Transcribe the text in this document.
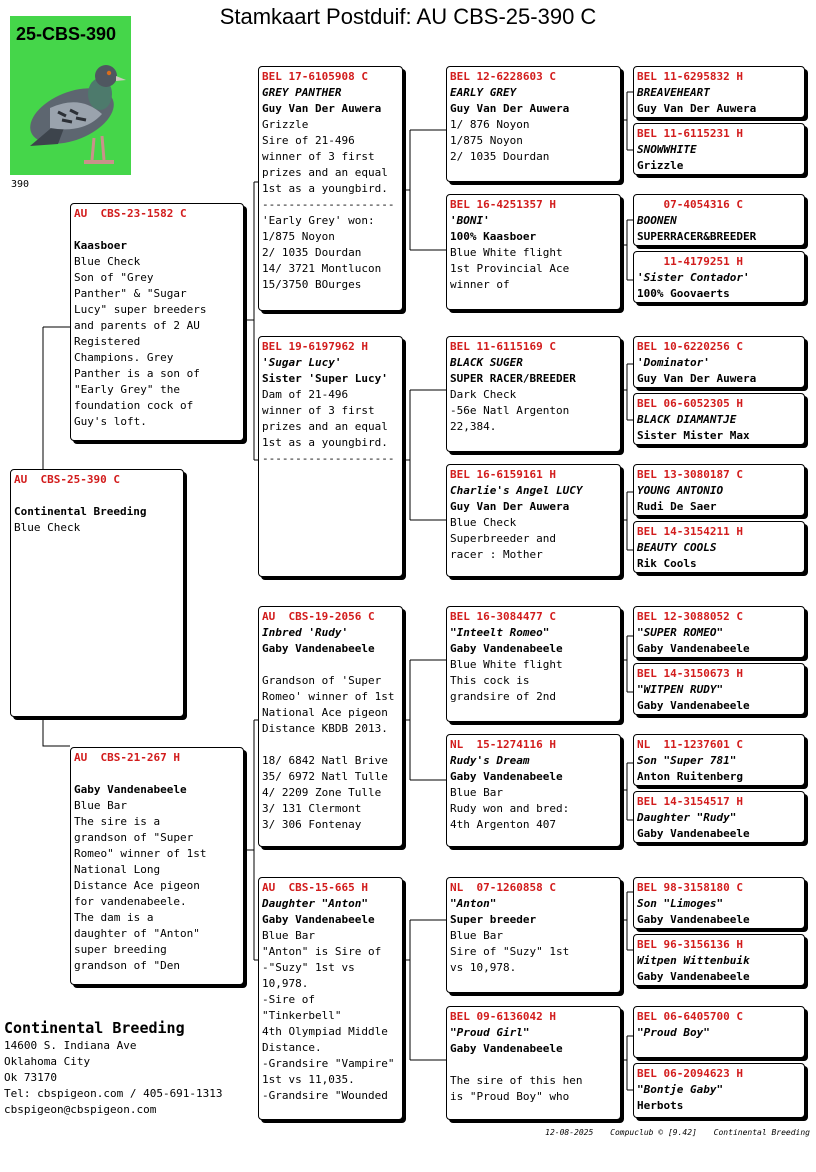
Stamkaart Postduif: AU CBS-25-390 C
25-CBS-390
390
AU  CBS-25-390 C

Continental Breeding
Blue Check
AU  CBS-23-1582 C

Kaasboer
Blue Check
Son of "Grey
Panther" & "Sugar
Lucy" super breeders
and parents of 2 AU
Registered
Champions. Grey
Panther is a son of
"Early Grey" the
foundation cock of
Guy's loft.
AU  CBS-21-267 H

Gaby Vandenabeele
Blue Bar
The sire is a
grandson of "Super
Romeo" winner of 1st
National Long
Distance Ace pigeon
for vandenabeele.
The dam is a
daughter of "Anton"
super breeding
grandson of "Den
BEL 17-6105908 C
GREY PANTHER
Guy Van Der Auwera
Grizzle
Sire of 21-496
winner of 3 first
prizes and an equal
1st as a youngbird.
--------------------
'Early Grey' won:
1/875 Noyon
2/ 1035 Dourdan
14/ 3721 Montlucon
15/3750 BOurges
BEL 19-6197962 H
'Sugar Lucy'
Sister 'Super Lucy'
Dam of 21-496
winner of 3 first
prizes and an equal
1st as a youngbird.
--------------------
AU  CBS-19-2056 C
Inbred 'Rudy'
Gaby Vandenabeele

Grandson of 'Super
Romeo' winner of 1st
National Ace pigeon
Distance KBDB 2013.

18/ 6842 Natl Brive
35/ 6972 Natl Tulle
4/ 2209 Zone Tulle
3/ 131 Clermont
3/ 306 Fontenay
AU  CBS-15-665 H
Daughter "Anton"
Gaby Vandenabeele
Blue Bar
"Anton" is Sire of
-"Suzy" 1st vs
10,978.
-Sire of
"Tinkerbell"
4th Olympiad Middle
Distance.
-Grandsire "Vampire"
1st vs 11,035.
-Grandsire "Wounded
BEL 12-6228603 C
EARLY GREY
Guy Van Der Auwera
1/ 876 Noyon
1/875 Noyon
2/ 1035 Dourdan
BEL 16-4251357 H
'BONI'
100% Kaasboer
Blue White flight
1st Provincial Ace
winner of
BEL 11-6115169 C
BLACK SUGER
SUPER RACER/BREEDER
Dark Check
-56e Natl Argenton
22,384.
BEL 16-6159161 H
Charlie's Angel LUCY
Guy Van Der Auwera
Blue Check
Superbreeder and
racer : Mother
BEL 16-3084477 C
"Inteelt Romeo"
Gaby Vandenabeele
Blue White flight
This cock is
grandsire of 2nd
NL  15-1274116 H
Rudy's Dream
Gaby Vandenabeele
Blue Bar
Rudy won and bred:
4th Argenton 407
NL  07-1260858 C
"Anton"
Super breeder
Blue Bar
Sire of "Suzy" 1st
vs 10,978.
BEL 09-6136042 H
"Proud Girl"
Gaby Vandenabeele

The sire of this hen
is "Proud Boy" who
BEL 11-6295832 H
BREAVEHEART
Guy Van Der Auwera
BEL 11-6115231 H
SNOWWHITE
Grizzle
07-4054316 C
BOONEN
SUPERRACER&BREEDER
11-4179251 H
'Sister Contador'
100% Goovaerts
BEL 10-6220256 C
'Dominator'
Guy Van Der Auwera
BEL 06-6052305 H
BLACK DIAMANTJE
Sister Mister Max
BEL 13-3080187 C
YOUNG ANTONIO
Rudi De Saer
BEL 14-3154211 H
BEAUTY COOLS
Rik Cools
BEL 12-3088052 C
"SUPER ROMEO"
Gaby Vandenabeele
BEL 14-3150673 H
"WITPEN RUDY"
Gaby Vandenabeele
NL  11-1237601 C
Son "Super 781"
Anton Ruitenberg
BEL 14-3154517 H
Daughter "Rudy"
Gaby Vandenabeele
BEL 98-3158180 C
Son "Limoges"
Gaby Vandenabeele
BEL 96-3156136 H
Witpen Wittenbuik
Gaby Vandenabeele
BEL 06-6405700 C
"Proud Boy"
BEL 06-2094623 H
"Bontje Gaby"
Herbots
Continental Breeding
14600 S. Indiana Ave
Oklahoma City
Ok 73170
Tel: cbspigeon.com / 405-691-1313
cbspigeon@cbspigeon.com
12-08-2025 Compuclub © [9.42] Continental Breeding
